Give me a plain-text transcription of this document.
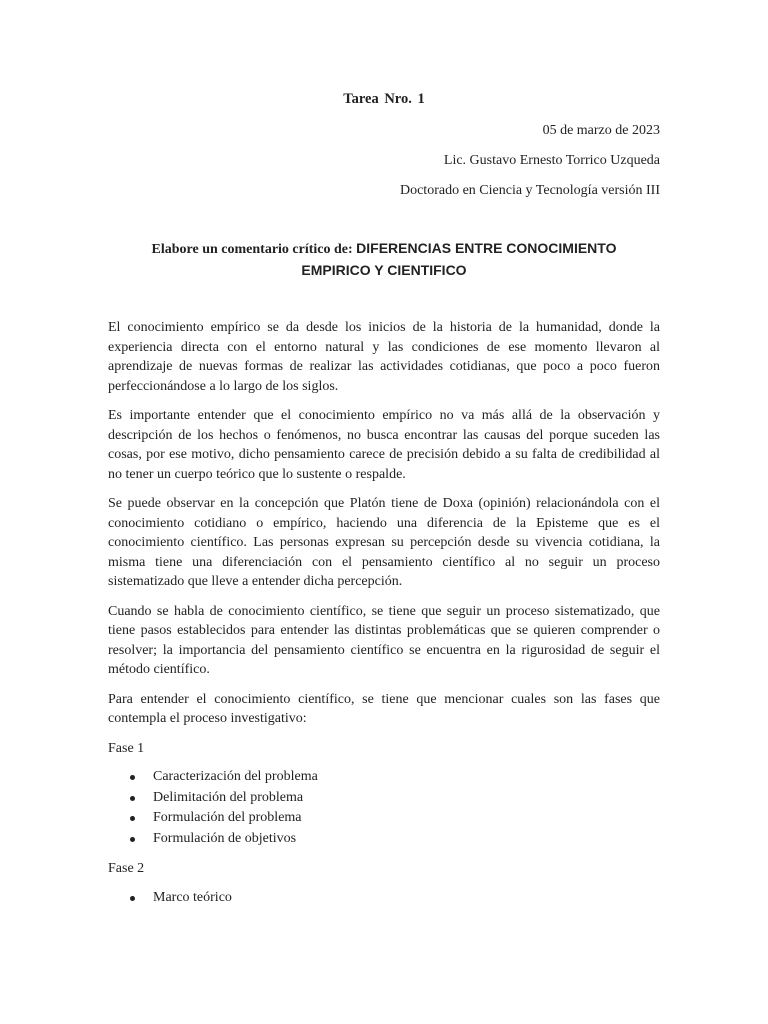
Tarea Nro. 1
05 de marzo de 2023
Lic. Gustavo Ernesto Torrico Uzqueda
Doctorado en Ciencia y Tecnología versión III
Elabore un comentario crítico de: DIFERENCIAS ENTRE CONOCIMIENTO
EMPIRICO Y CIENTIFICO

El conocimiento empírico se da desde los inicios de la historia de la humanidad, donde la experiencia directa con el entorno natural y las condiciones de ese momento llevaron al aprendizaje de nuevas formas de realizar las actividades cotidianas, que poco a poco fueron perfeccionándose a lo largo de los siglos.

Es importante entender que el conocimiento empírico no va más allá de la observación y descripción de los hechos o fenómenos, no busca encontrar las causas del porque suceden las cosas, por ese motivo, dicho pensamiento carece de precisión debido a su falta de credibilidad al no tener un cuerpo teórico que lo sustente o respalde.

Se puede observar en la concepción que Platón tiene de Doxa (opinión) relacionándola con el conocimiento cotidiano o empírico, haciendo una diferencia de la Episteme que es el conocimiento científico. Las personas expresan su percepción desde su vivencia cotidiana, la misma tiene una diferenciación con el pensamiento científico al no seguir un proceso sistematizado que lleve a entender dicha percepción.

Cuando se habla de conocimiento científico, se tiene que seguir un proceso sistematizado, que tiene pasos establecidos para entender las distintas problemáticas que se quieren comprender o resolver; la importancia del pensamiento científico se encuentra en la rigurosidad de seguir el método científico.

Para entender el conocimiento científico, se tiene que mencionar cuales son las fases que contempla el proceso investigativo:

Fase 1

Caracterización del problema
Delimitación del problema
Formulación del problema
Formulación de objetivos

Fase 2

Marco teórico
